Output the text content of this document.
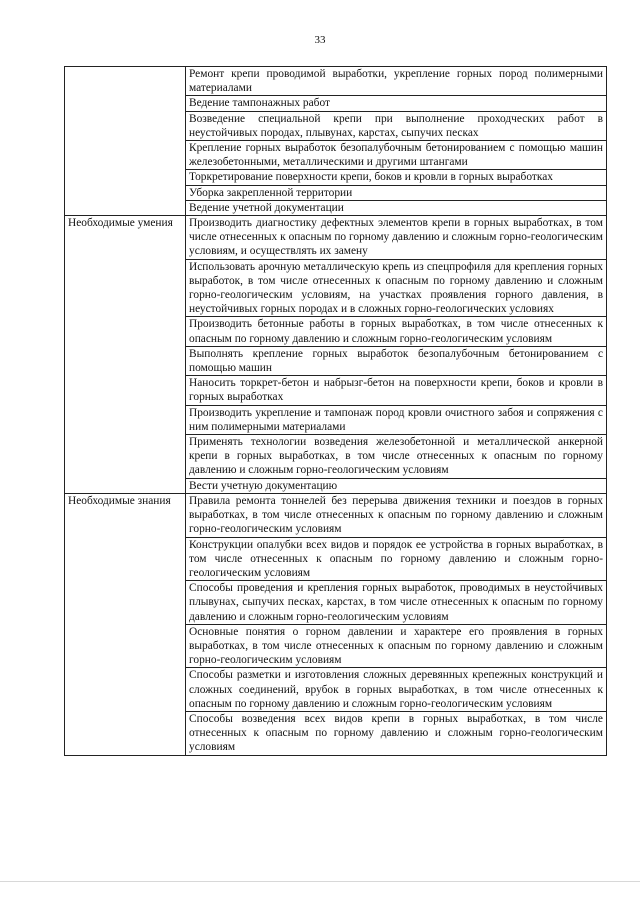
33
	Ремонт крепи проводимой выработки, укрепление горных пород полимерными материалами
	Ведение тампонажных работ
	Возведение специальной крепи при выполнение проходческих работ в неустойчивых породах, плывунах, карстах, сыпучих песках
	Крепление горных выработок безопалубочным бетонированием с помощью машин железобетонными, металлическими и другими штангами
	Торкретирование поверхности крепи, боков и кровли в горных выработках
	Уборка закрепленной территории
	Ведение учетной документации
Необходимые умения	Производить диагностику дефектных элементов крепи в горных выработках, в том числе отнесенных к опасным по горному давлению и сложным горно-геологическим условиям, и осуществлять их замену
	Использовать арочную металлическую крепь из спецпрофиля для крепления горных выработок, в том числе отнесенных к опасным по горному давлению и сложным горно-геологическим условиям, на участках проявления горного давления, в неустойчивых горных породах и в сложных горно-геологических условиях
	Производить бетонные работы в горных выработках, в том числе отнесенных к опасным по горному давлению и сложным горно-геологическим условиям
	Выполнять крепление горных выработок безопалубочным бетонированием с помощью машин
	Наносить торкрет-бетон и набрызг-бетон на поверхности крепи, боков и кровли в горных выработках
	Производить укрепление и тампонаж пород кровли очистного забоя и сопряжения с ним полимерными материалами
	Применять технологии возведения железобетонной и металлической анкерной крепи в горных выработках, в том числе отнесенных к опасным по горному давлению и сложным горно-геологическим условиям
	Вести учетную документацию
Необходимые знания	Правила ремонта тоннелей без перерыва движения техники и поездов в горных выработках, в том числе отнесенных к опасным по горному давлению и сложным горно-геологическим условиям
	Конструкции опалубки всех видов и порядок ее устройства в горных выработках, в том числе отнесенных к опасным по горному давлению и сложным горно-геологическим условиям
	Способы проведения и крепления горных выработок, проводимых в неустойчивых плывунах, сыпучих песках, карстах, в том числе отнесенных к опасным по горному давлению и сложным горно-геологическим условиям
	Основные понятия о горном давлении и характере его проявления в горных выработках, в том числе отнесенных к опасным по горному давлению и сложным горно-геологическим условиям
	Способы разметки и изготовления сложных деревянных крепежных конструкций и сложных соединений, врубок в горных выработках, в том числе отнесенных к опасным по горному давлению и сложным горно-геологическим условиям
	Способы возведения всех видов крепи в горных выработках, в том числе отнесенных к опасным по горному давлению и сложным горно-геологическим условиям
